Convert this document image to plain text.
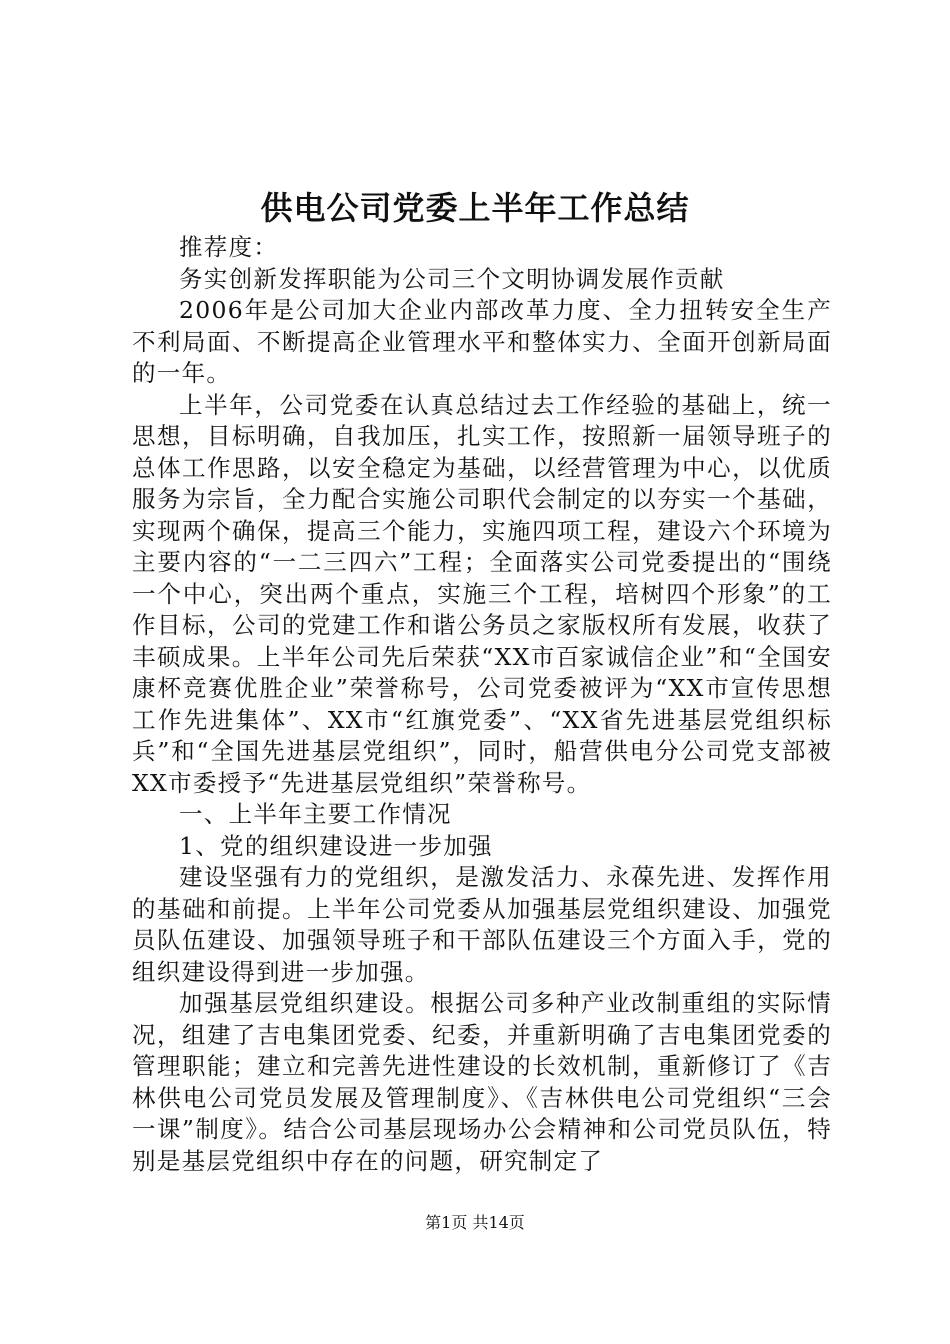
供电公司党委上半年工作总结

推荐度：

务实创新发挥职能为公司三个文明协调发展作贡献

2006年是公司加大企业内部改革力度、全力扭转安全生产不利局面、不断提高企业管理水平和整体实力、全面开创新局面的一年。

上半年，公司党委在认真总结过去工作经验的基础上，统一思想，目标明确，自我加压，扎实工作，按照新一届领导班子的总体工作思路，以安全稳定为基础，以经营管理为中心，以优质服务为宗旨，全力配合实施公司职代会制定的以夯实一个基础，实现两个确保，提高三个能力，实施四项工程，建设六个环境为主要内容的“一二三四六”工程；全面落实公司党委提出的“围绕一个中心，突出两个重点，实施三个工程，培树四个形象”的工作目标，公司的党建工作和谐公务员之家版权所有发展，收获了丰硕成果。上半年公司先后荣获“XX市百家诚信企业”和“全国安康杯竞赛优胜企业”荣誉称号，公司党委被评为“XX市宣传思想工作先进集体”、XX市“红旗党委”、“XX省先进基层党组织标兵”和“全国先进基层党组织”，同时，船营供电分公司党支部被XX市委授予“先进基层党组织”荣誉称号。

一、上半年主要工作情况

1、党的组织建设进一步加强

建设坚强有力的党组织，是激发活力、永葆先进、发挥作用的基础和前提。上半年公司党委从加强基层党组织建设、加强党员队伍建设、加强领导班子和干部队伍建设三个方面入手，党的组织建设得到进一步加强。

加强基层党组织建设。根据公司多种产业改制重组的实际情况，组建了吉电集团党委、纪委，并重新明确了吉电集团党委的管理职能；建立和完善先进性建设的长效机制，重新修订了《吉林供电公司党员发展及管理制度》、《吉林供电公司党组织“三会一课”制度》。结合公司基层现场办公会精神和公司党员队伍，特别是基层党组织中存在的问题，研究制定了

第1页 共14页
